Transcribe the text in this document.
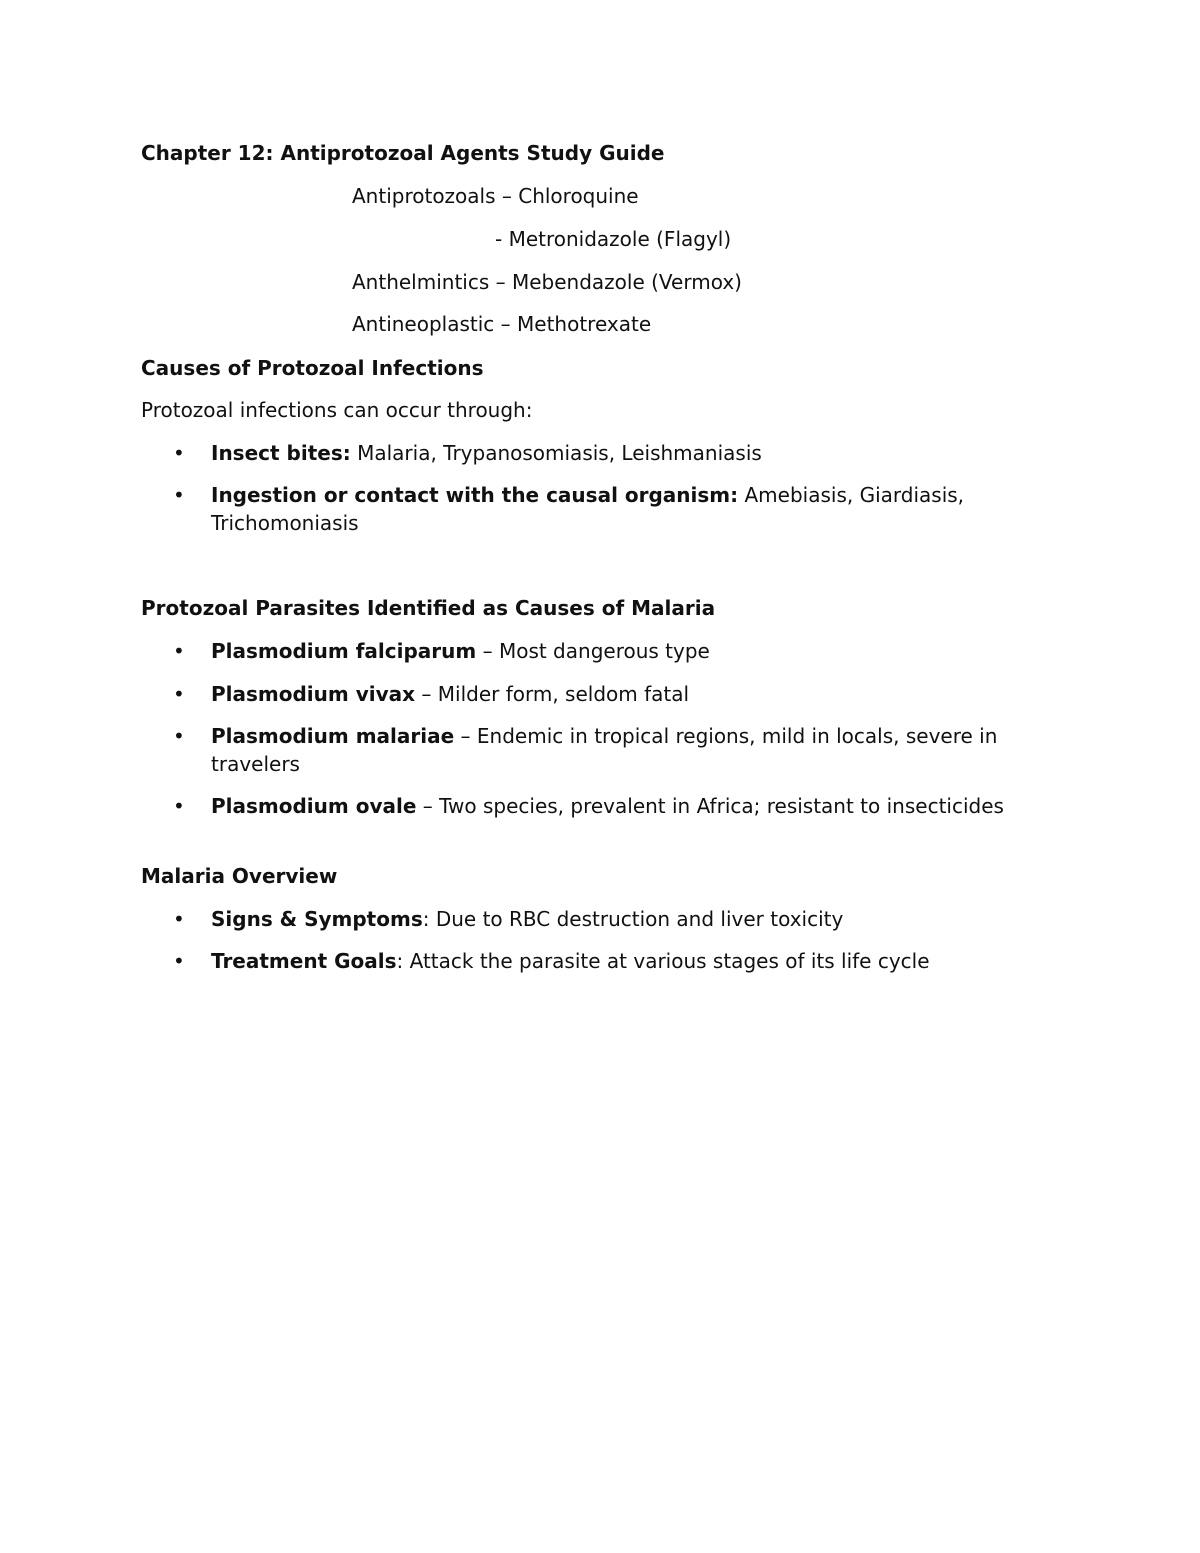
Chapter 12: Antiprotozoal Agents Study Guide
Antiprotozoals – Chloroquine
- Metronidazole (Flagyl)
Anthelmintics – Mebendazole (Vermox)
Antineoplastic – Methotrexate
Causes of Protozoal Infections
Protozoal infections can occur through:
• Insect bites: Malaria, Trypanosomiasis, Leishmaniasis
• Ingestion or contact with the causal organism: Amebiasis, Giardiasis, Trichomoniasis
Protozoal Parasites Identified as Causes of Malaria
• Plasmodium falciparum – Most dangerous type
• Plasmodium vivax – Milder form, seldom fatal
• Plasmodium malariae – Endemic in tropical regions, mild in locals, severe in travelers
• Plasmodium ovale – Two species, prevalent in Africa; resistant to insecticides
Malaria Overview
• Signs & Symptoms: Due to RBC destruction and liver toxicity
• Treatment Goals: Attack the parasite at various stages of its life cycle
